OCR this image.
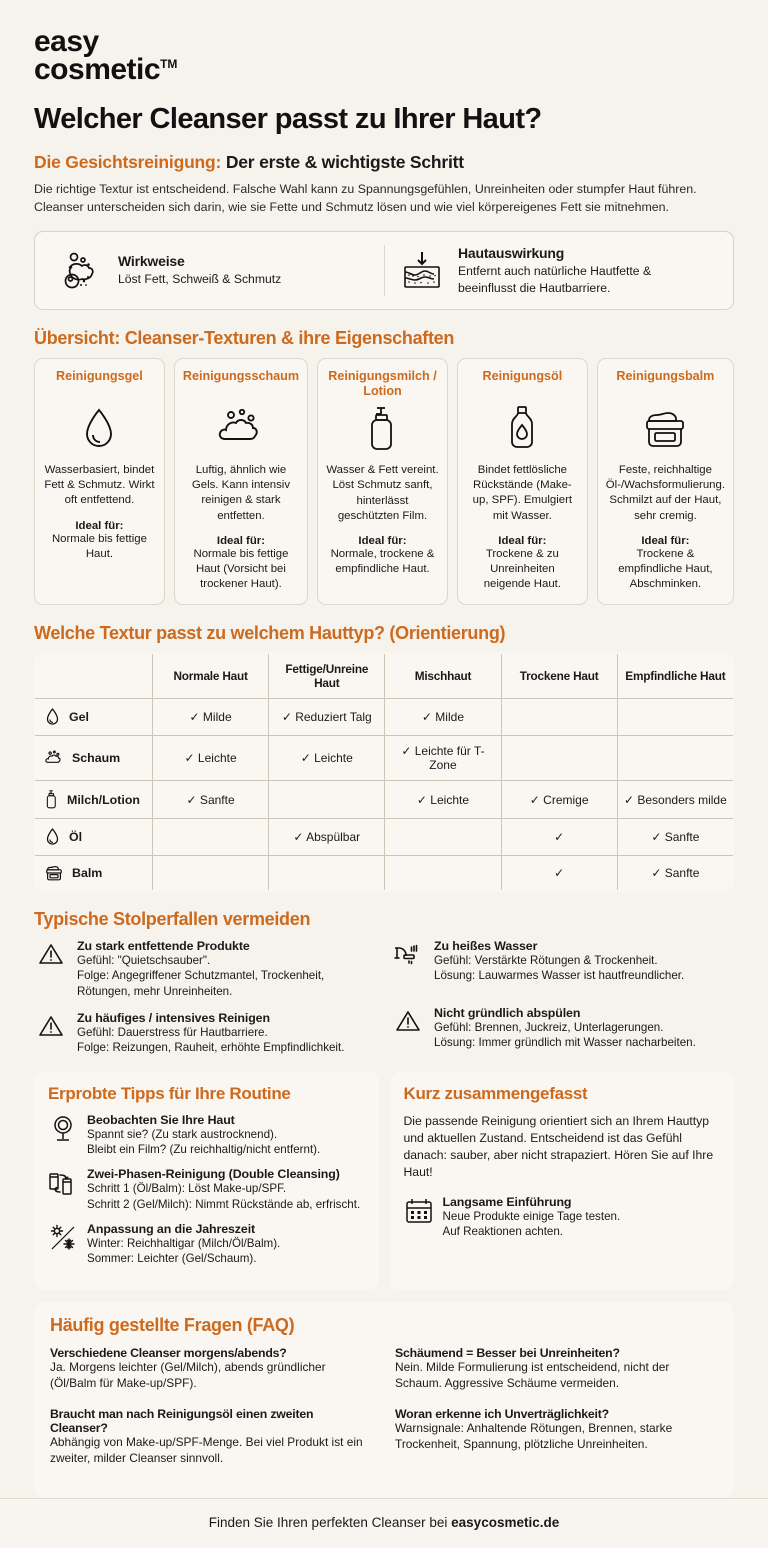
easy
cosmetic™
Welcher Cleanser passt zu Ihrer Haut?
Die Gesichtsreinigung: Der erste & wichtigste Schritt
Die richtige Textur ist entscheidend. Falsche Wahl kann zu Spannungsgefühlen, Unreinheiten oder stumpfer Haut führen.
Cleanser unterscheiden sich darin, wie sie Fette und Schmutz lösen und wie viel körpereigenes Fett sie mitnehmen.
Wirkweise
Löst Fett, Schweiß & Schmutz
Hautauswirkung
Entfernt auch natürliche Hautfette & beeinflusst die Hautbarriere.
Übersicht: Cleanser-Texturen & ihre Eigenschaften
Reinigungsgel
Wasserbasiert, bindet Fett & Schmutz. Wirkt oft entfettend.
Ideal für:
Normale bis fettige Haut.
Reinigungsschaum
Luftig, ähnlich wie Gels. Kann intensiv reinigen & stark entfetten.
Ideal für:
Normale bis fettige Haut (Vorsicht bei trockener Haut).
Reinigungsmilch / Lotion
Wasser & Fett vereint. Löst Schmutz sanft, hinterlässt geschützten Film.
Ideal für:
Normale, trockene & empfindliche Haut.
Reinigungsöl
Bindet fettlösliche Rückstände (Make-up, SPF). Emulgiert mit Wasser.
Ideal für:
Trockene & zu Unreinheiten neigende Haut.
Reinigungsbalm
Feste, reichhaltige Öl-/Wachsformulierung. Schmilzt auf der Haut, sehr cremig.
Ideal für:
Trockene & empfindliche Haut, Abschminken.
Welche Textur passt zu welchem Hauttyp? (Orientierung)
	Normale Haut	Fettige/Unreine Haut	Mischhaut	Trockene Haut	Empfindliche Haut

Gel	✓ Milde	✓ Reduziert Talg	✓ Milde		

Schaum	✓ Leichte	✓ Leichte	✓ Leichte für T-Zone		

Milch/Lotion	✓ Sanfte		✓ Leichte	✓ Cremige	✓ Besonders milde

Öl		✓ Abspülbar		✓	✓ Sanfte

Balm				✓	✓ Sanfte
Typische Stolperfallen vermeiden
Zu stark entfettende Produkte
Gefühl: "Quietschsauber".
Folge: Angegriffener Schutzmantel, Trockenheit, Rötungen, mehr Unreinheiten.
Zu häufiges / intensives Reinigen
Gefühl: Dauerstress für Hautbarriere.
Folge: Reizungen, Rauheit, erhöhte Empfindlichkeit.
Zu heißes Wasser
Gefühl: Verstärkte Rötungen & Trockenheit.
Lösung: Lauwarmes Wasser ist hautfreundlicher.
Nicht gründlich abspülen
Gefühl: Brennen, Juckreiz, Unterlagerungen.
Lösung: Immer gründlich mit Wasser nacharbeiten.
Erprobte Tipps für Ihre Routine
Beobachten Sie Ihre Haut
Spannt sie? (Zu stark austrocknend).
Bleibt ein Film? (Zu reichhaltig/nicht entfernt).
Zwei-Phasen-Reinigung (Double Cleansing)
Schritt 1 (Öl/Balm): Löst Make-up/SPF.
Schritt 2 (Gel/Milch): Nimmt Rückstände ab, erfrischt.
Anpassung an die Jahreszeit
Winter: Reichhaltigar (Milch/Öl/Balm).
Sommer: Leichter (Gel/Schaum).
Kurz zusammengefasst
Die passende Reinigung orientiert sich an Ihrem Hauttyp und aktuellen Zustand. Entscheidend ist das Gefühl danach: sauber, aber nicht strapaziert. Hören Sie auf Ihre Haut!
Langsame Einführung
Neue Produkte einige Tage testen.
Auf Reaktionen achten.
Häufig gestellte Fragen (FAQ)
Verschiedene Cleanser morgens/abends?
Ja. Morgens leichter (Gel/Milch), abends gründlicher (Öl/Balm für Make-up/SPF).
Braucht man nach Reinigungsöl einen zweiten Cleanser?
Abhängig von Make-up/SPF-Menge. Bei viel Produkt ist ein zweiter, milder Cleanser sinnvoll.
Schäumend = Besser bei Unreinheiten?
Nein. Milde Formulierung ist entscheidend, nicht der Schaum. Aggressive Schäume vermeiden.
Woran erkenne ich Unverträglichkeit?
Warnsignale: Anhaltende Rötungen, Brennen, starke Trockenheit, Spannung, plötzliche Unreinheiten.
Finden Sie Ihren perfekten Cleanser bei easycosmetic.de
